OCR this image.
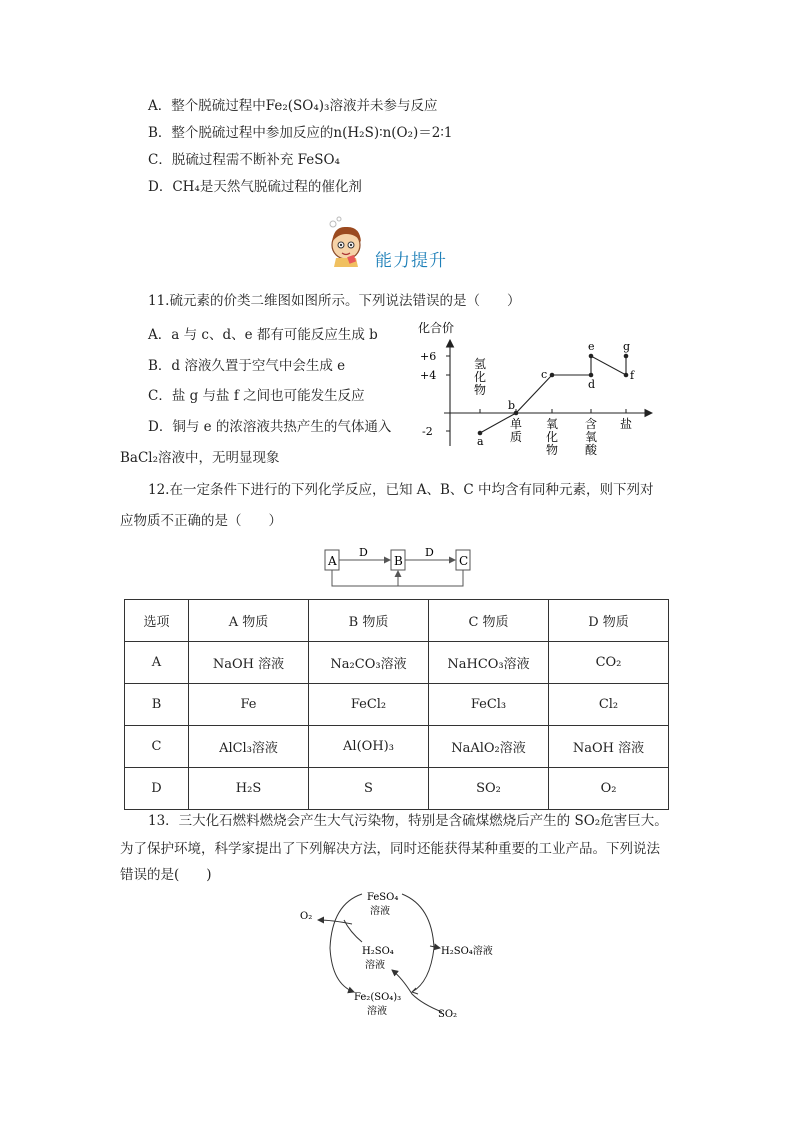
A．整个脱硫过程中Fe₂(SO₄)₃溶液并未参与反应
B．整个脱硫过程中参加反应的n(H₂S)∶n(O₂)＝2∶1
C．脱硫过程需不断补充 FeSO₄
D．CH₄是天然气脱硫过程的催化剂
能力提升
11.硫元素的价类二维图如图所示。下列说法错误的是（　　）
A．a 与 c、d、e 都有可能反应生成 b
B．d 溶液久置于空气中会生成 e
C．盐 g 与盐 f 之间也可能发生反应
D．铜与 e 的浓溶液共热产生的气体通入
BaCl₂溶液中，无明显现象
化合价
+6
+4
-2
氢
化
物
单
质
氧
化
物
含
氧
酸
盐
a
b
c
d
e
f
g
12.在一定条件下进行的下列化学反应，已知 A、B、C 中均含有同种元素，则下列对
应物质不正确的是（　　）
A	B	C
D	D
选项	A 物质	B 物质	C 物质	D 物质
A	NaOH 溶液	Na₂CO₃溶液	NaHCO₃溶液	CO₂
B	Fe	FeCl₂	FeCl₃	Cl₂
C	AlCl₃溶液	Al(OH)₃	NaAlO₂溶液	NaOH 溶液
D	H₂S	S	SO₂	O₂
13．三大化石燃料燃烧会产生大气污染物，特别是含硫煤燃烧后产生的 SO₂危害巨大。
为了保护环境，科学家提出了下列解决方法，同时还能获得某种重要的工业产品。下列说法
错误的是(　　)
FeSO₄
溶液
O₂
H₂SO₄
溶液
H₂SO₄溶液
Fe₂(SO₄)₃
溶液	SO₂
